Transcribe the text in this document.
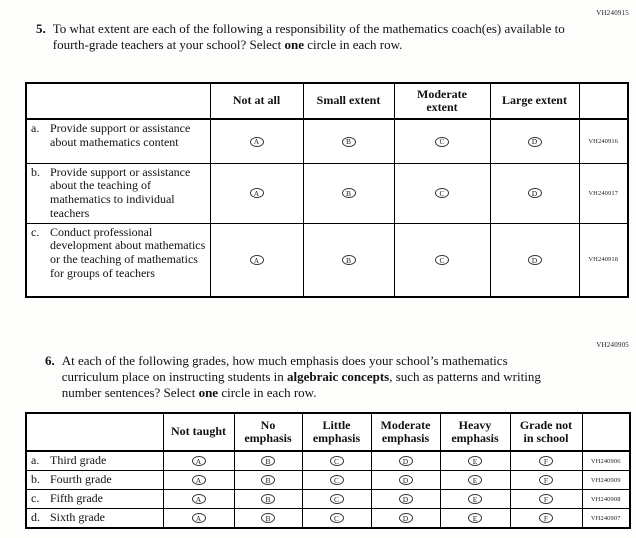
VH240915
5. To what extent are each of the following a responsibility of the mathematics coach(es) available to fourth-grade teachers at your school? Select one circle in each row.

	Not at all	Small extent	Moderate extent	Large extent	

a. Provide support or assistance about mathematics content	A	B	C	D	VH240916

b. Provide support or assistance about the teaching of mathematics to individual teachers	A	B	C	D	VH240917

c. Conduct professional development about mathematics or the teaching of mathematics for groups of teachers	A	B	C	D	VH240918
VH240905
6. At each of the following grades, how much emphasis does your school’s mathematics curriculum place on instructing students in algebraic concepts, such as patterns and writing number sentences? Select one circle in each row.

	Not taught	No emphasis	Little emphasis	Moderate emphasis	Heavy emphasis	Grade not in school	

a. Third grade	A	B	C	D	E	F	VH240906

b. Fourth grade	A	B	C	D	E	F	VH240909

c. Fifth grade	A	B	C	D	E	F	VH240908

d. Sixth grade	A	B	C	D	E	F	VH240907
